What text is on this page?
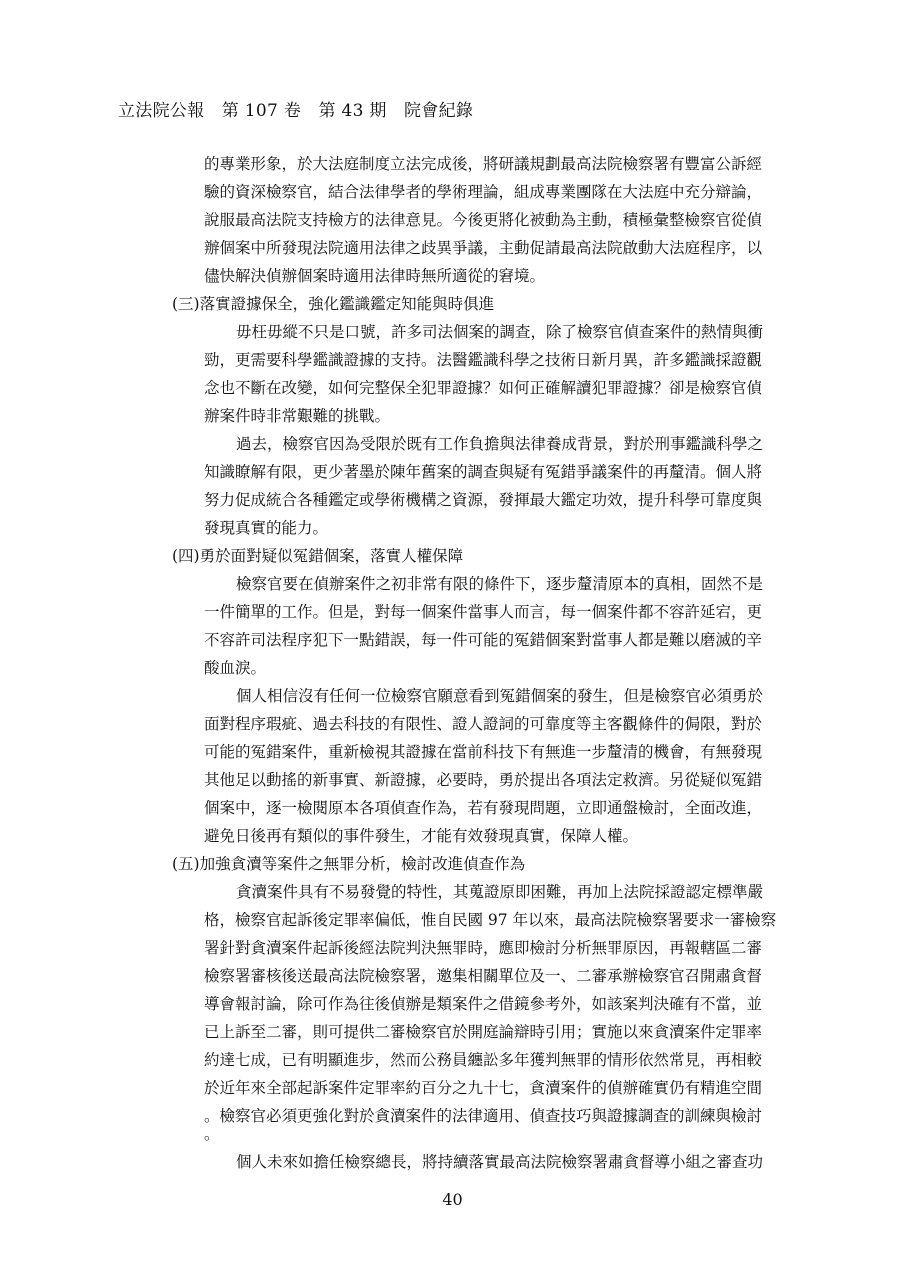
立法院公報　第 107 卷　第 43 期　院會紀錄
的專業形象，於大法庭制度立法完成後，將研議規劃最高法院檢察署有豐富公訴經
驗的資深檢察官，結合法律學者的學術理論，組成專業團隊在大法庭中充分辯論，
說服最高法院支持檢方的法律意見。今後更將化被動為主動，積極彙整檢察官從偵
辦個案中所發現法院適用法律之歧異爭議，主動促請最高法院啟動大法庭程序，以
儘快解決偵辦個案時適用法律時無所適從的窘境。
(三)落實證據保全，強化鑑識鑑定知能與時俱進
毋枉毋縱不只是口號，許多司法個案的調查，除了檢察官偵查案件的熱情與衝
勁，更需要科學鑑識證據的支持。法醫鑑識科學之技術日新月異，許多鑑識採證觀
念也不斷在改變，如何完整保全犯罪證據？如何正確解讀犯罪證據？卻是檢察官偵
辦案件時非常艱難的挑戰。
過去，檢察官因為受限於既有工作負擔與法律養成背景，對於刑事鑑識科學之
知識瞭解有限，更少著墨於陳年舊案的調查與疑有冤錯爭議案件的再釐清。個人將
努力促成統合各種鑑定或學術機構之資源，發揮最大鑑定功效，提升科學可靠度與
發現真實的能力。
(四)勇於面對疑似冤錯個案，落實人權保障
檢察官要在偵辦案件之初非常有限的條件下，逐步釐清原本的真相，固然不是
一件簡單的工作。但是，對每一個案件當事人而言，每一個案件都不容許延宕，更
不容許司法程序犯下一點錯誤，每一件可能的冤錯個案對當事人都是難以磨滅的辛
酸血淚。
個人相信沒有任何一位檢察官願意看到冤錯個案的發生，但是檢察官必須勇於
面對程序瑕疵、過去科技的有限性、證人證詞的可靠度等主客觀條件的侷限，對於
可能的冤錯案件，重新檢視其證據在當前科技下有無進一步釐清的機會，有無發現
其他足以動搖的新事實、新證據，必要時，勇於提出各項法定救濟。另從疑似冤錯
個案中，逐一檢閱原本各項偵查作為，若有發現問題，立即通盤檢討，全面改進，
避免日後再有類似的事件發生，才能有效發現真實，保障人權。
(五)加強貪瀆等案件之無罪分析，檢討改進偵查作為
貪瀆案件具有不易發覺的特性，其蒐證原即困難，再加上法院採證認定標準嚴
格，檢察官起訴後定罪率偏低，惟自民國 97 年以來，最高法院檢察署要求一審檢察
署針對貪瀆案件起訴後經法院判決無罪時，應即檢討分析無罪原因，再報轄區二審
檢察署審核後送最高法院檢察署，邀集相關單位及一、二審承辦檢察官召開肅貪督
導會報討論，除可作為往後偵辦是類案件之借鏡參考外，如該案判決確有不當，並
已上訴至二審，則可提供二審檢察官於開庭論辯時引用；實施以來貪瀆案件定罪率
約達七成，已有明顯進步，然而公務員纏訟多年獲判無罪的情形依然常見，再相較
於近年來全部起訴案件定罪率約百分之九十七，貪瀆案件的偵辦確實仍有精進空間
。檢察官必須更強化對於貪瀆案件的法律適用、偵查技巧與證據調查的訓練與檢討
。
個人未來如擔任檢察總長，將持續落實最高法院檢察署肅貪督導小組之審查功
40
